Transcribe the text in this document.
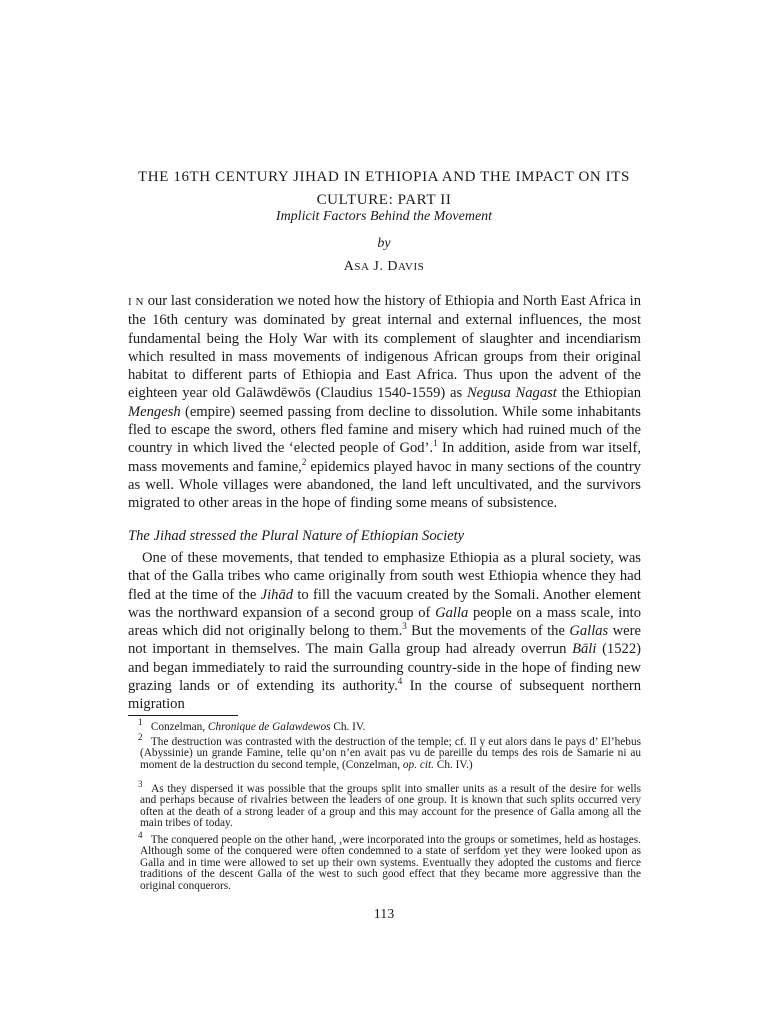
THE 16TH CENTURY JIHAD IN ETHIOPIA AND THE IMPACT ON ITS CULTURE: PART II
Implicit Factors Behind the Movement
by
ASA J. DAVIS
I N our last consideration we noted how the history of Ethiopia and North East Africa in the 16th century was dominated by great internal and external influences, the most fundamental being the Holy War with its complement of slaughter and incendiarism which resulted in mass movements of indigenous African groups from their original habitat to different parts of Ethiopia and East Africa. Thus upon the advent of the eighteen year old Galāwdēwōs (Claudius 1540-1559) as Negusa Nagast the Ethiopian Mengesh (empire) seemed passing from decline to dissolution. While some inhabitants fled to escape the sword, others fled famine and misery which had ruined much of the country in which lived the ‘elected people of God’.$^1$ In addition, aside from war itself, mass movements and famine,$^2$ epidemics played havoc in many sections of the country as well. Whole villages were abandoned, the land left uncultivated, and the survivors migrated to other areas in the hope of finding some means of subsistence.
The Jihad stressed the Plural Nature of Ethiopian Society
One of these movements, that tended to emphasize Ethiopia as a plural society, was that of the Galla tribes who came originally from south west Ethiopia whence they had fled at the time of the Jihād to fill the vacuum created by the Somali. Another element was the northward expansion of a second group of Galla people on a mass scale, into areas which did not originally belong to them.$^3$ But the movements of the Gallas were not important in themselves. The main Galla group had already overrun Bāli (1522) and began immediately to raid the surrounding country-side in the hope of finding new grazing lands or of extending its authority.$^4$ In the course of subsequent northern migration
$^1$ Conzelman, Chronique de Galawdewos Ch. IV.
$^2$ The destruction was contrasted with the destruction of the temple; cf. Il y eut alors dans le pays d’ El’hebus (Abyssinie) un grande Famine, telle qu’on n’en avait pas vu de pareille du temps des rois de Samarie ni au moment de la destruction du second temple, (Conzelman, op. cit. Ch. IV.)
$^3$ As they dispersed it was possible that the groups split into smaller units as a result of the desire for wells and perhaps because of rivalries between the leaders of one group. It is known that such splits occurred very often at the death of a strong leader of a group and this may account for the presence of Galla among all the main tribes of today.
$^4$ The conquered people on the other hand, ,were incorporated into the groups or sometimes, held as hostages. Although some of the conquered were often condemned to a state of serfdom yet they were looked upon as Galla and in time were allowed to set up their own systems. Eventually they adopted the customs and fierce traditions of the descent Galla of the west to such good effect that they became more aggressive than the original conquerors.
113
